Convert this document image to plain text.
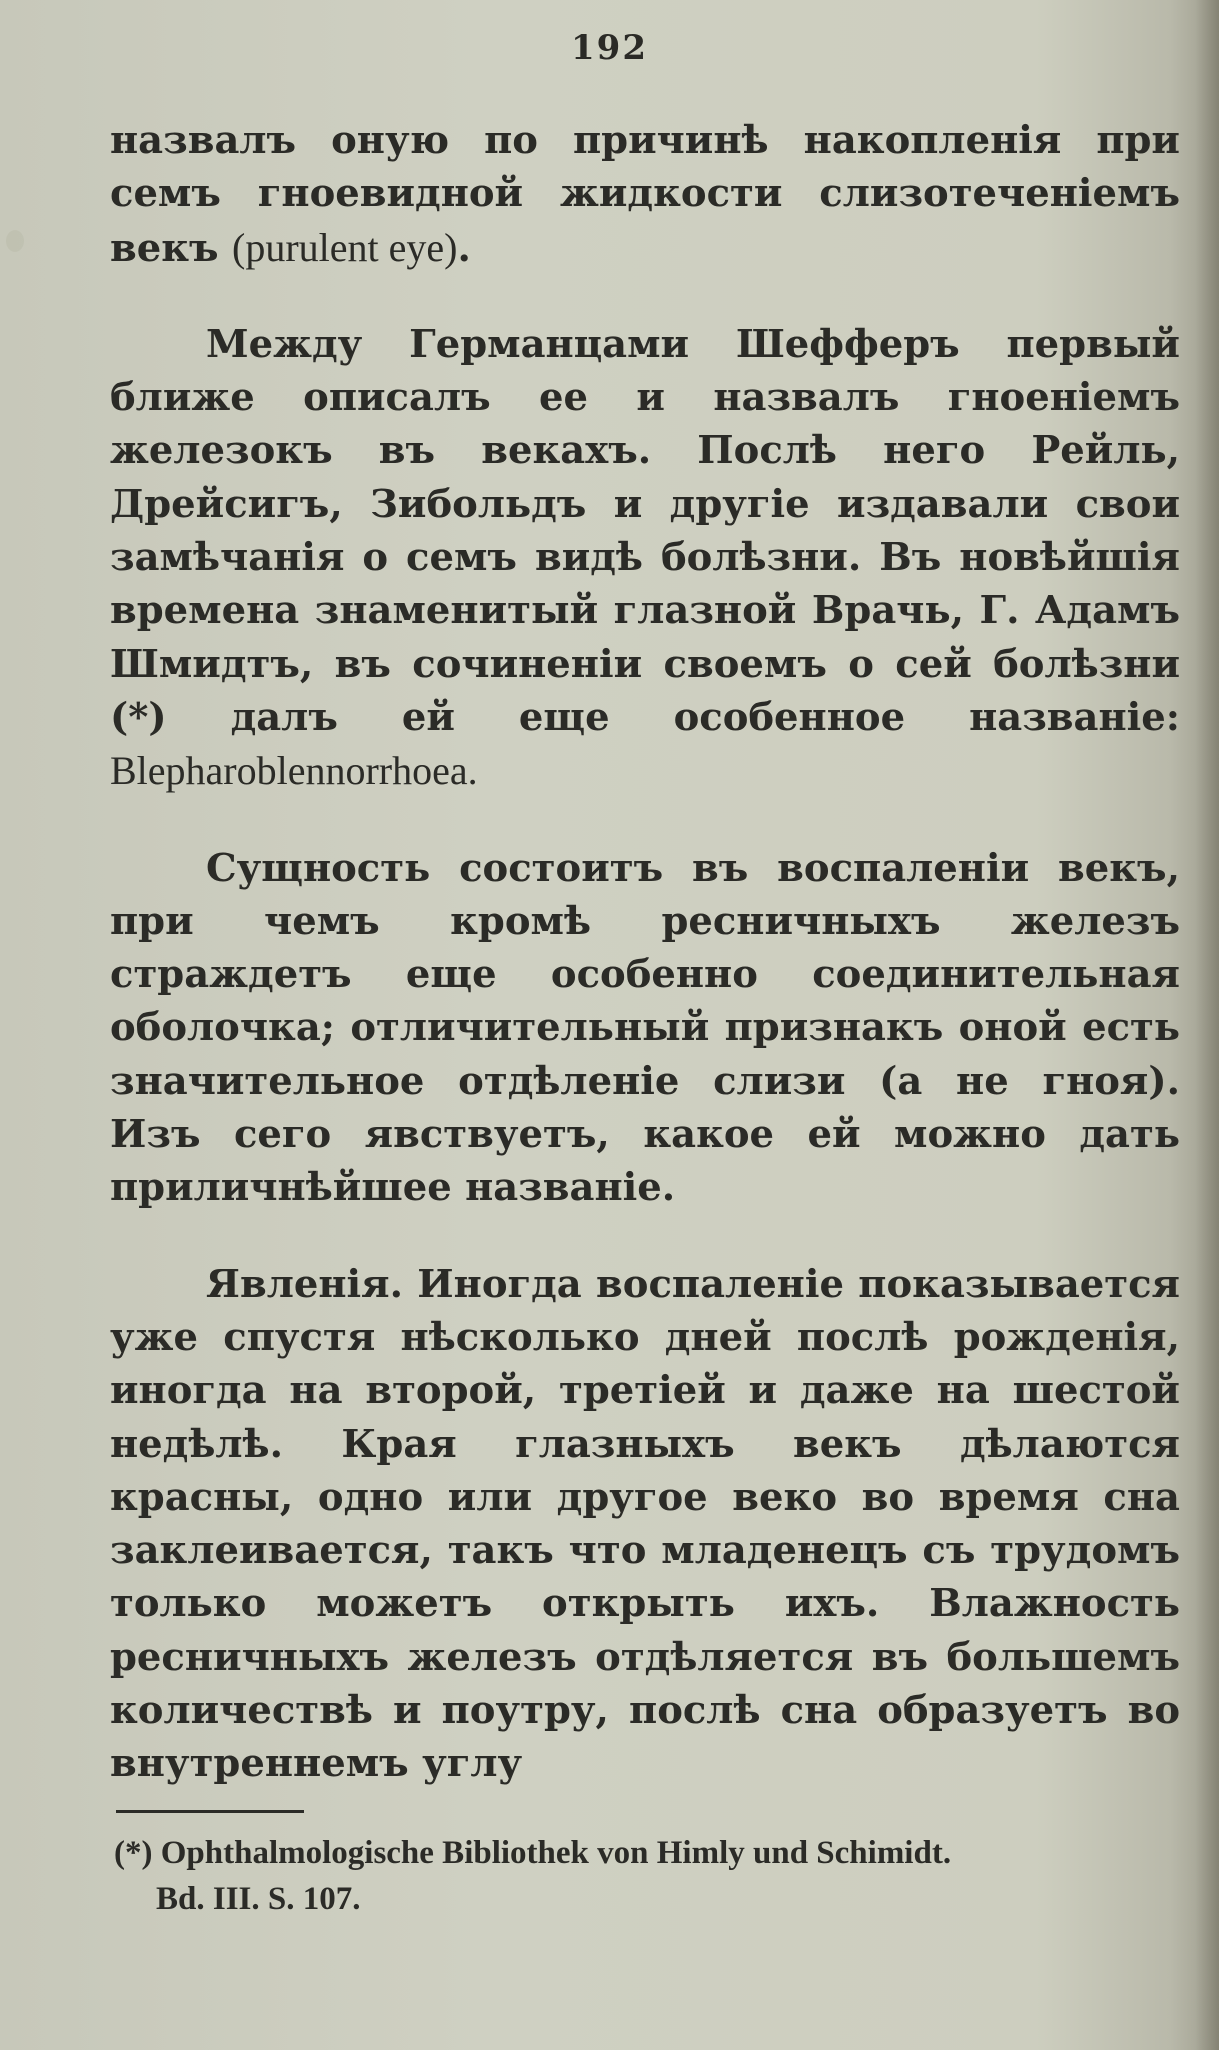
192

назвалъ оную по причинѣ накопленія при семъ гноевидной жидкости слизотеченіемъ векъ (purulent eye).

Между Германцами Шефферъ первый ближе описалъ ее и назвалъ гноеніемъ железокъ въ векахъ. Послѣ него Рейль, Дрейсигъ, Зибольдъ и другіе издавали свои замѣчанія о семъ видѣ болѣзни. Въ новѣйшія времена знаменитый глазной Врачь, Г. Адамъ Шмидтъ, въ сочиненіи своемъ о сей болѣзни (*) далъ ей еще особенное названіе: Blepharoblennorrhoea.

Сущность состоитъ въ воспаленіи векъ, при чемъ кромѣ ресничныхъ железъ страждетъ еще особенно соединительная оболочка; отличительный признакъ оной есть значительное отдѣленіе слизи (а не гноя). Изъ сего явствуетъ, какое ей можно дать приличнѣйшее названіе.

Явленія. Иногда воспаленіе показывается уже спустя нѣсколько дней послѣ рожденія, иногда на второй, третіей и даже на шестой недѣлѣ. Края глазныхъ векъ дѣлаются красны, одно или другое веко во время сна заклеивается, такъ что младенецъ съ трудомъ только можетъ открыть ихъ. Влажность ресничныхъ железъ отдѣляется въ большемъ количествѣ и поутру, послѣ сна образуетъ во внутреннемъ углу

(*) Ophthalmologische Bibliothek von Himly und Schimidt.
Bd. III. S. 107.
